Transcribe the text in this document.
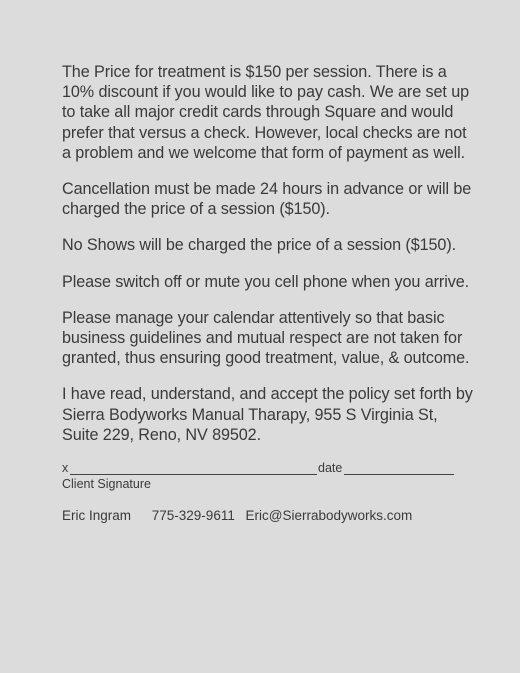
The Price for treatment is $150 per session. There is a
10% discount if you would like to pay cash. We are set up
to take all major credit cards through Square and would
prefer that versus a check. However, local checks are not
a problem and we welcome that form of payment as well.

Cancellation must be made 24 hours in advance or will be
charged the price of a session ($150).

No Shows will be charged the price of a session ($150).

Please switch off or mute you cell phone when you arrive.

Please manage your calendar attentively so that basic
business guidelines and mutual respect are not taken for
granted, thus ensuring good treatment, value, & outcome.

I have read, understand, and accept the policy set forth by
Sierra Bodyworks Manual Tharapy, 955 S Virginia St,
Suite 229, Reno, NV 89502.

x	date
Client Signature
Eric Ingram 775-329-9611 Eric@Sierrabodyworks.com
